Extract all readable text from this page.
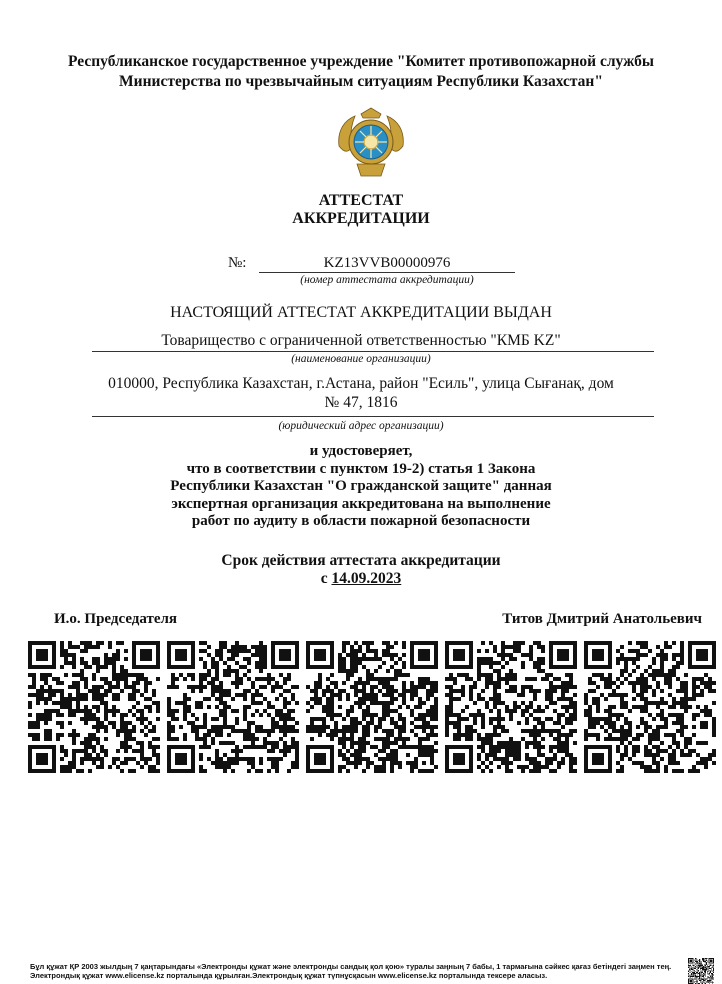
Республиканское государственное учреждение "Комитет противопожарной службы
Министерства по чрезвычайным ситуациям Республики Казахстан"
АТТЕСТАТ
АККРЕДИТАЦИИ
№:	KZ13VVB00000976
(номер аттестата аккредитации)
НАСТОЯЩИЙ АТТЕСТАТ АККРЕДИТАЦИИ ВЫДАН
Товарищество с ограниченной ответственностью "КМБ KZ"
(наименование организации)
010000, Республика Казахстан, г.Астана, район "Есиль", улица Сығанақ, дом
№ 47, 1816
(юридический адрес организации)
и удостоверяет,
что в соответствии с пунктом 19-2) статья 1 Закона
Республики Казахстан "О гражданской защите" данная
экспертная организация аккредитована на выполнение
работ по аудиту в области пожарной безопасности
Срок действия аттестата аккредитации
с 14.09.2023
И.о. Председателя	Титов Дмитрий Анатольевич
Бұл құжат ҚР 2003 жылдың 7 қаңтарындағы «Электронды құжат және электронды сандық қол қою» туралы заңның 7 бабы, 1 тармағына сәйкес қағаз бетіндегі заңмен тең.
Электрондық құжат www.elicense.kz порталында құрылған.Электрондық құжат түпнұсқасын www.elicense.kz порталында тексере аласыз.
